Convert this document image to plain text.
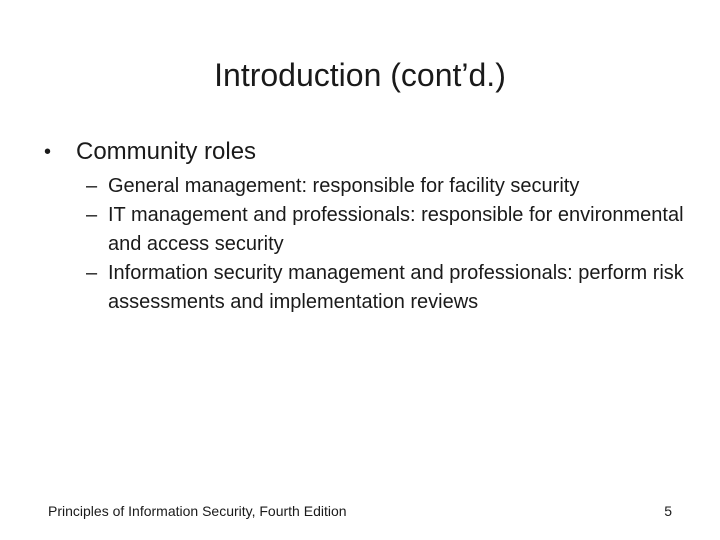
Introduction (cont’d.)
• Community roles
– General management: responsible for facility security
– IT management and professionals: responsible for environmental and access security
– Information security management and professionals: perform risk assessments and implementation reviews
Principles of Information Security, Fourth Edition	5
